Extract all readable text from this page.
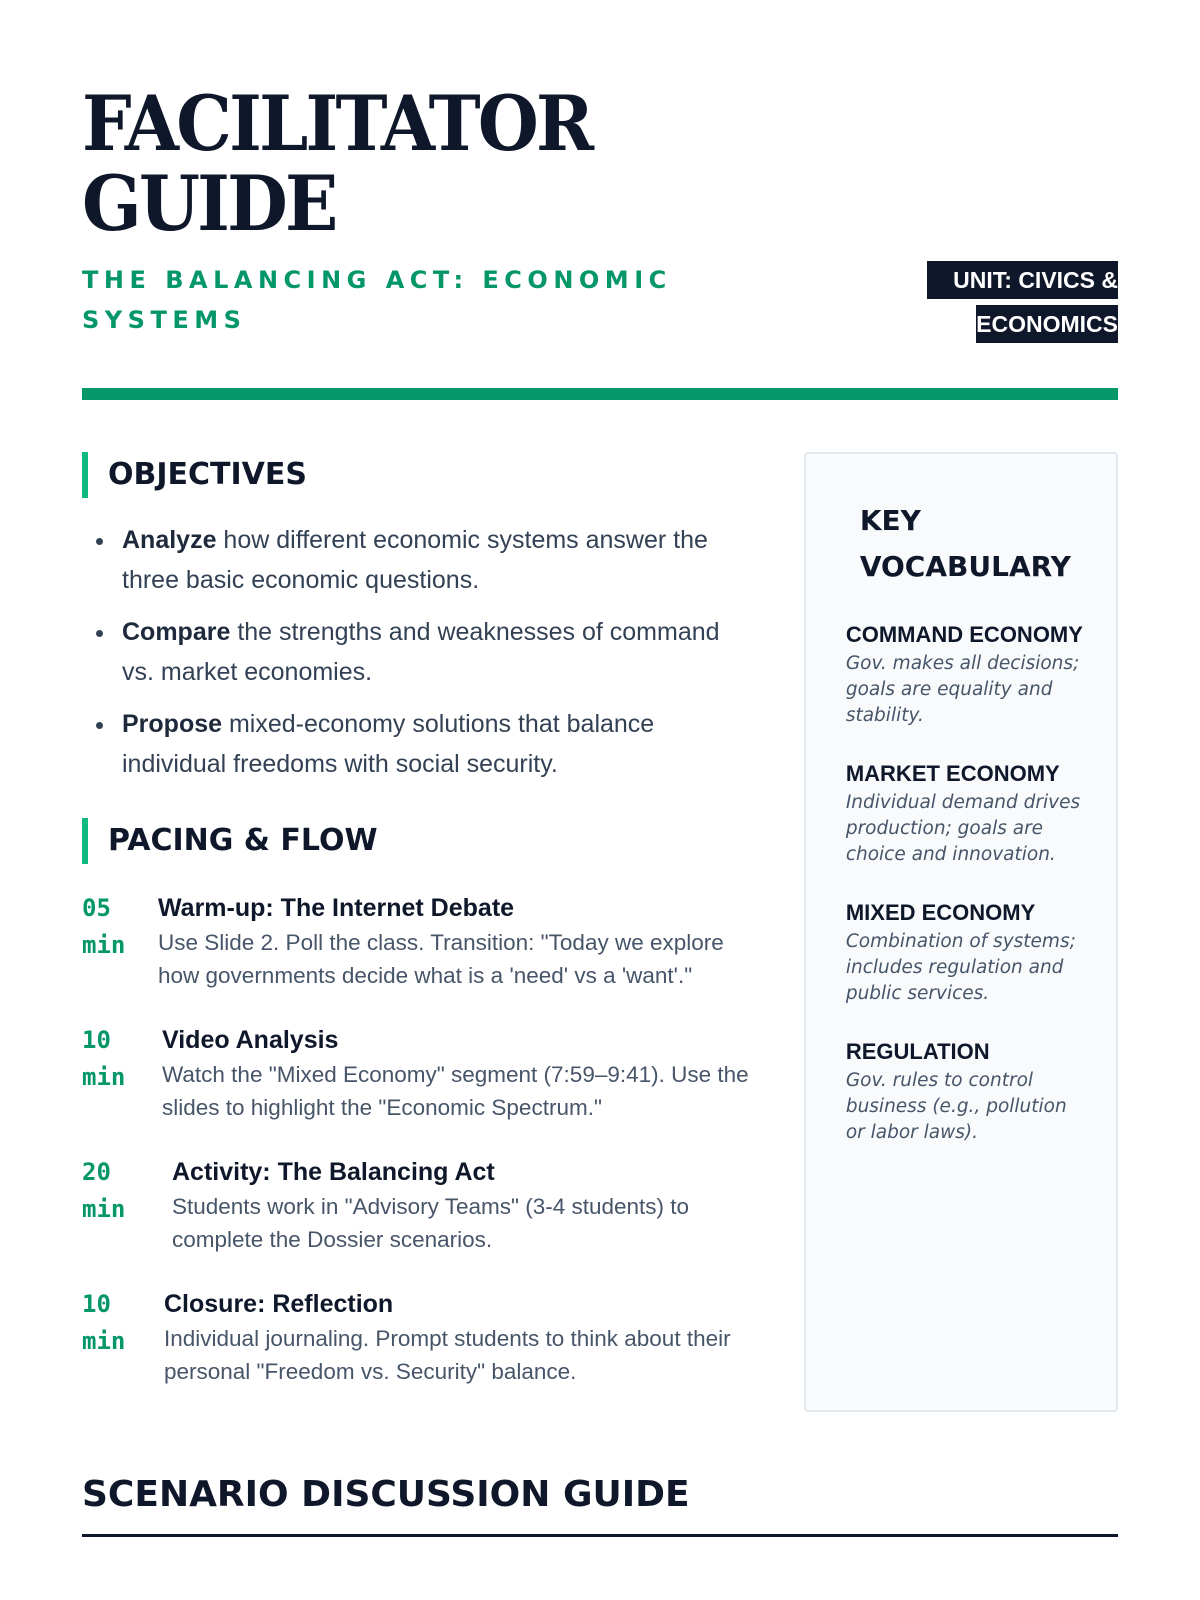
FACILITATOR GUIDE
THE BALANCING ACT: ECONOMIC SYSTEMS
UNIT: CIVICS & ECONOMICS
OBJECTIVES
Analyze how different economic systems answer the three basic economic questions.
Compare the strengths and weaknesses of command vs. market economies.
Propose mixed-economy solutions that balance individual freedoms with social security.
PACING & FLOW
05
min
Warm-up: The Internet Debate
Use Slide 2. Poll the class. Transition: "Today we explore how governments decide what is a 'need' vs a 'want'."
10
min
Video Analysis
Watch the "Mixed Economy" segment (7:59–9:41). Use the slides to highlight the "Economic Spectrum."
20
min
Activity: The Balancing Act
Students work in "Advisory Teams" (3-4 students) to complete the Dossier scenarios.
10
min
Closure: Reflection
Individual journaling. Prompt students to think about their personal "Freedom vs. Security" balance.
KEY VOCABULARY
COMMAND ECONOMY
Gov. makes all decisions; goals are equality and stability.
MARKET ECONOMY
Individual demand drives production; goals are choice and innovation.
MIXED ECONOMY
Combination of systems; includes regulation and public services.
REGULATION
Gov. rules to control business (e.g., pollution or labor laws).
SCENARIO DISCUSSION GUIDE
